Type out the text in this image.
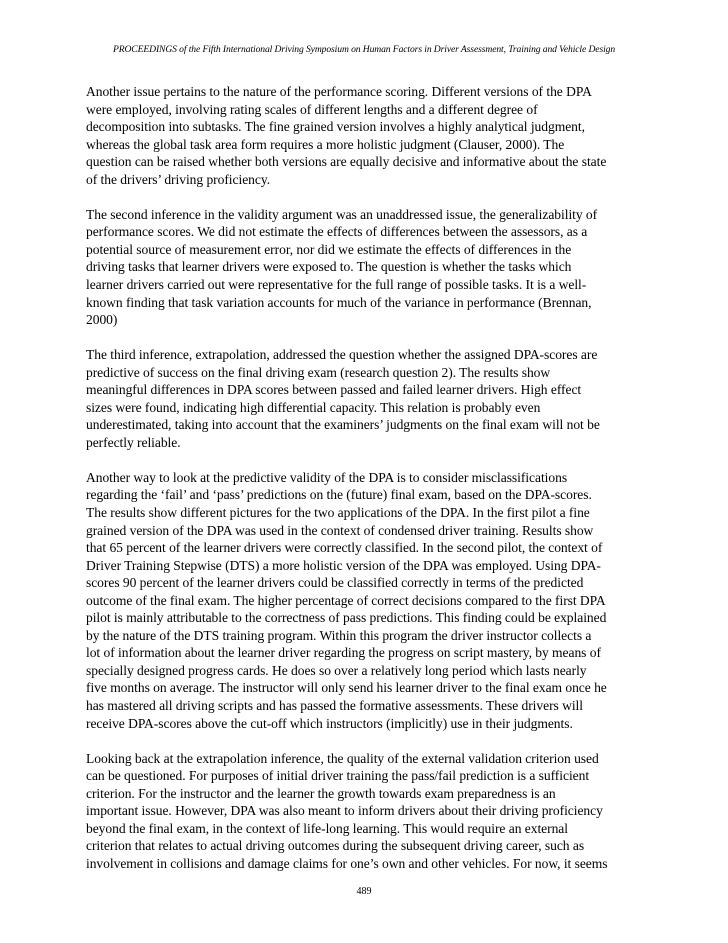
PROCEEDINGS of the Fifth International Driving Symposium on Human Factors in Driver Assessment, Training and Vehicle Design

Another issue pertains to the nature of the performance scoring. Different versions of the DPA
were employed, involving rating scales of different lengths and a different degree of
decomposition into subtasks. The fine grained version involves a highly analytical judgment,
whereas the global task area form requires a more holistic judgment (Clauser, 2000). The
question can be raised whether both versions are equally decisive and informative about the state
of the drivers’ driving proficiency.

The second inference in the validity argument was an unaddressed issue, the generalizability of
performance scores. We did not estimate the effects of differences between the assessors, as a
potential source of measurement error, nor did we estimate the effects of differences in the
driving tasks that learner drivers were exposed to. The question is whether the tasks which
learner drivers carried out were representative for the full range of possible tasks. It is a well-
known finding that task variation accounts for much of the variance in performance (Brennan,
2000)

The third inference, extrapolation, addressed the question whether the assigned DPA-scores are
predictive of success on the final driving exam (research question 2). The results show
meaningful differences in DPA scores between passed and failed learner drivers. High effect
sizes were found, indicating high differential capacity. This relation is probably even
underestimated, taking into account that the examiners’ judgments on the final exam will not be
perfectly reliable.

Another way to look at the predictive validity of the DPA is to consider misclassifications
regarding the ‘fail’ and ‘pass’ predictions on the (future) final exam, based on the DPA-scores.
The results show different pictures for the two applications of the DPA. In the first pilot a fine
grained version of the DPA was used in the context of condensed driver training. Results show
that 65 percent of the learner drivers were correctly classified. In the second pilot, the context of
Driver Training Stepwise (DTS) a more holistic version of the DPA was employed. Using DPA-
scores 90 percent of the learner drivers could be classified correctly in terms of the predicted
outcome of the final exam. The higher percentage of correct decisions compared to the first DPA
pilot is mainly attributable to the correctness of pass predictions. This finding could be explained
by the nature of the DTS training program. Within this program the driver instructor collects a
lot of information about the learner driver regarding the progress on script mastery, by means of
specially designed progress cards. He does so over a relatively long period which lasts nearly
five months on average. The instructor will only send his learner driver to the final exam once he
has mastered all driving scripts and has passed the formative assessments. These drivers will
receive DPA-scores above the cut-off which instructors (implicitly) use in their judgments.

Looking back at the extrapolation inference, the quality of the external validation criterion used
can be questioned. For purposes of initial driver training the pass/fail prediction is a sufficient
criterion. For the instructor and the learner the growth towards exam preparedness is an
important issue. However, DPA was also meant to inform drivers about their driving proficiency
beyond the final exam, in the context of life-long learning. This would require an external
criterion that relates to actual driving outcomes during the subsequent driving career, such as
involvement in collisions and damage claims for one’s own and other vehicles. For now, it seems

489
